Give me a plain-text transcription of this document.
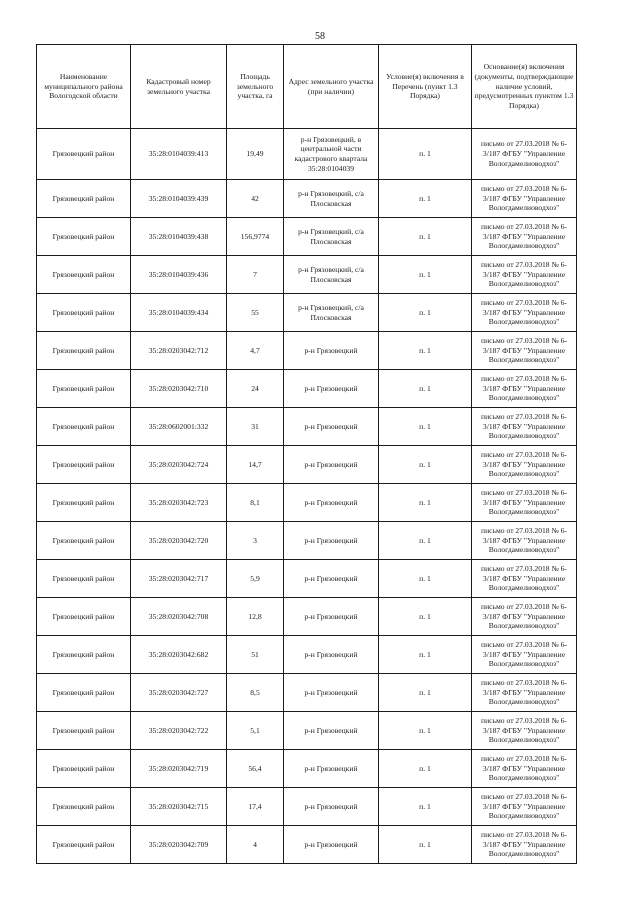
58
Наименование муниципального района Вологодской области	Кадастровый номер земельного участка	Площадь земельного участка, га	Адрес земельного участка (при наличии)	Условие(я) включения в Перечень (пункт 1.3 Порядка)	Основание(я) включения (документы, подтверждающие наличие условий, предусмотренных пунктом 1.3 Порядка)
Грязовецкий район	35:28:0104039:413	19,49	р-н Грязовецкий, в центральной части кадастрового квартала 35:28:0104039	п. 1	письмо от 27.03.2018 № 6-3/187 ФГБУ "Управление Вологдамелиоводхоз"
Грязовецкий район	35:28:0104039:439	42	р-н Грязовецкий, с/а Плосковская	п. 1	письмо от 27.03.2018 № 6-3/187 ФГБУ "Управление Вологдамелиоводхоз"
Грязовецкий район	35:28:0104039:438	156,9774	р-н Грязовецкий, с/а Плосковская	п. 1	письмо от 27.03.2018 № 6-3/187 ФГБУ "Управление Вологдамелиоводхоз"
Грязовецкий район	35:28:0104039:436	7	р-н Грязовецкий, с/а Плосковская	п. 1	письмо от 27.03.2018 № 6-3/187 ФГБУ "Управление Вологдамелиоводхоз"
Грязовецкий район	35:28:0104039:434	55	р-н Грязовецкий, с/а Плосковская	п. 1	письмо от 27.03.2018 № 6-3/187 ФГБУ "Управление Вологдамелиоводхоз"
Грязовецкий район	35:28:0203042:712	4,7	р-н Грязовецкий	п. 1	письмо от 27.03.2018 № 6-3/187 ФГБУ "Управление Вологдамелиоводхоз"
Грязовецкий район	35:28:0203042:710	24	р-н Грязовецкий	п. 1	письмо от 27.03.2018 № 6-3/187 ФГБУ "Управление Вологдамелиоводхоз"
Грязовецкий район	35:28:0602001:332	31	р-н Грязовецкий	п. 1	письмо от 27.03.2018 № 6-3/187 ФГБУ "Управление Вологдамелиоводхоз"
Грязовецкий район	35:28:0203042:724	14,7	р-н Грязовецкий	п. 1	письмо от 27.03.2018 № 6-3/187 ФГБУ "Управление Вологдамелиоводхоз"
Грязовецкий район	35:28:0203042:723	8,1	р-н Грязовецкий	п. 1	письмо от 27.03.2018 № 6-3/187 ФГБУ "Управление Вологдамелиоводхоз"
Грязовецкий район	35:28:0203042:720	3	р-н Грязовецкий	п. 1	письмо от 27.03.2018 № 6-3/187 ФГБУ "Управление Вологдамелиоводхоз"
Грязовецкий район	35:28:0203042:717	5,9	р-н Грязовецкий	п. 1	письмо от 27.03.2018 № 6-3/187 ФГБУ "Управление Вологдамелиоводхоз"
Грязовецкий район	35:28:0203042:708	12,8	р-н Грязовецкий	п. 1	письмо от 27.03.2018 № 6-3/187 ФГБУ "Управление Вологдамелиоводхоз"
Грязовецкий район	35:28:0203042:682	51	р-н Грязовецкий	п. 1	письмо от 27.03.2018 № 6-3/187 ФГБУ "Управление Вологдамелиоводхоз"
Грязовецкий район	35:28:0203042:727	8,5	р-н Грязовецкий	п. 1	письмо от 27.03.2018 № 6-3/187 ФГБУ "Управление Вологдамелиоводхоз"
Грязовецкий район	35:28:0203042:722	5,1	р-н Грязовецкий	п. 1	письмо от 27.03.2018 № 6-3/187 ФГБУ "Управление Вологдамелиоводхоз"
Грязовецкий район	35:28:0203042:719	56,4	р-н Грязовецкий	п. 1	письмо от 27.03.2018 № 6-3/187 ФГБУ "Управление Вологдамелиоводхоз"
Грязовецкий район	35:28:0203042:715	17,4	р-н Грязовецкий	п. 1	письмо от 27.03.2018 № 6-3/187 ФГБУ "Управление Вологдамелиоводхоз"
Грязовецкий район	35:28:0203042:709	4	р-н Грязовецкий	п. 1	письмо от 27.03.2018 № 6-3/187 ФГБУ "Управление Вологдамелиоводхоз"
